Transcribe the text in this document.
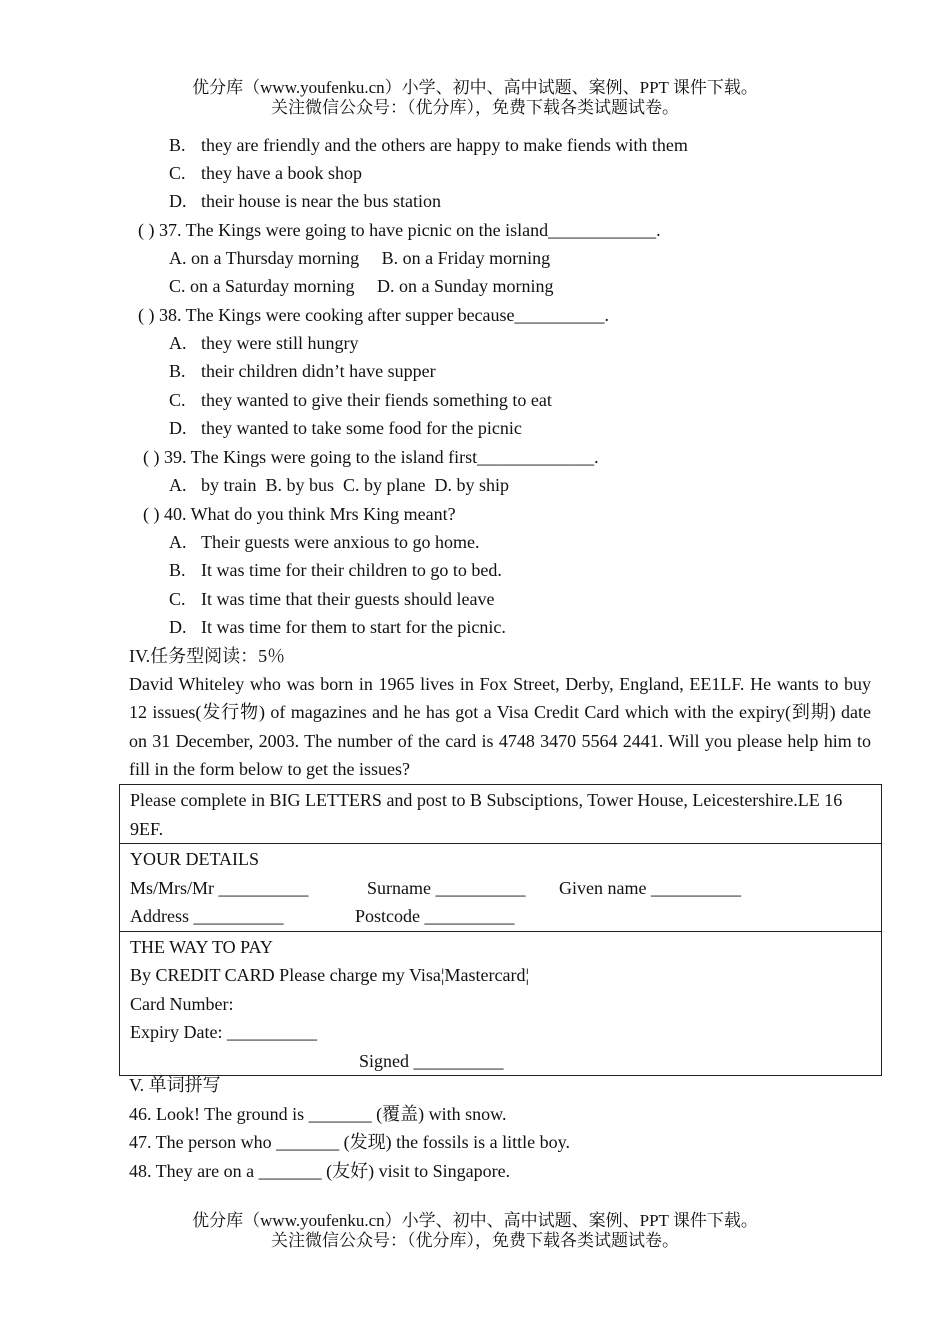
优分库（www.youfenku.cn）小学、初中、高中试题、案例、PPT 课件下载。
关注微信公众号：（优分库），免费下载各类试题试卷。
B. they are friendly and the others are happy to make fiends with them
C. they have a book shop
D. their house is near the bus station
( ) 37. The Kings were going to have picnic on the island____________.
A. on a Thursday morning     B. on a Friday morning
C. on a Saturday morning     D. on a Sunday morning
( ) 38. The Kings were cooking after supper because__________.
A. they were still hungry
B. their children didn’t have supper
C. they wanted to give their fiends something to eat
D. they wanted to take some food for the picnic
( ) 39. The Kings were going to the island first_____________.
A. by train  B. by bus  C. by plane  D. by ship
( ) 40. What do you think Mrs King meant?
A. Their guests were anxious to go home.
B. It was time for their children to go to bed.
C. It was time that their guests should leave
D. It was time for them to start for the picnic.
IV.任务型阅读：5％
David Whiteley who was born in 1965 lives in Fox Street, Derby, England, EE1LF. He wants to buy 12 issues(发行物) of magazines and he has got a Visa Credit Card which with the expiry(到期) date on 31 December, 2003. The number of the card is 4748 3470 5564 2441. Will you please help him to fill in the form below to get the issues?
Please complete in BIG LETTERS and post to B Subsciptions, Tower House, Leicestershire.LE 16 9EF.
YOUR DETAILS
Ms/Mrs/Mr __________	Surname __________ Given name __________
Address __________	Postcode __________
THE WAY TO PAY
By CREDIT CARD Please charge my Visa¦Mastercard¦
Card Number:
Expiry Date: __________
Signed __________
V. 单词拼写
46. Look! The ground is _______ (覆盖) with snow.
47. The person who _______ (发现) the fossils is a little boy.
48. They are on a _______ (友好) visit to Singapore.
优分库（www.youfenku.cn）小学、初中、高中试题、案例、PPT 课件下载。
关注微信公众号：（优分库），免费下载各类试题试卷。
